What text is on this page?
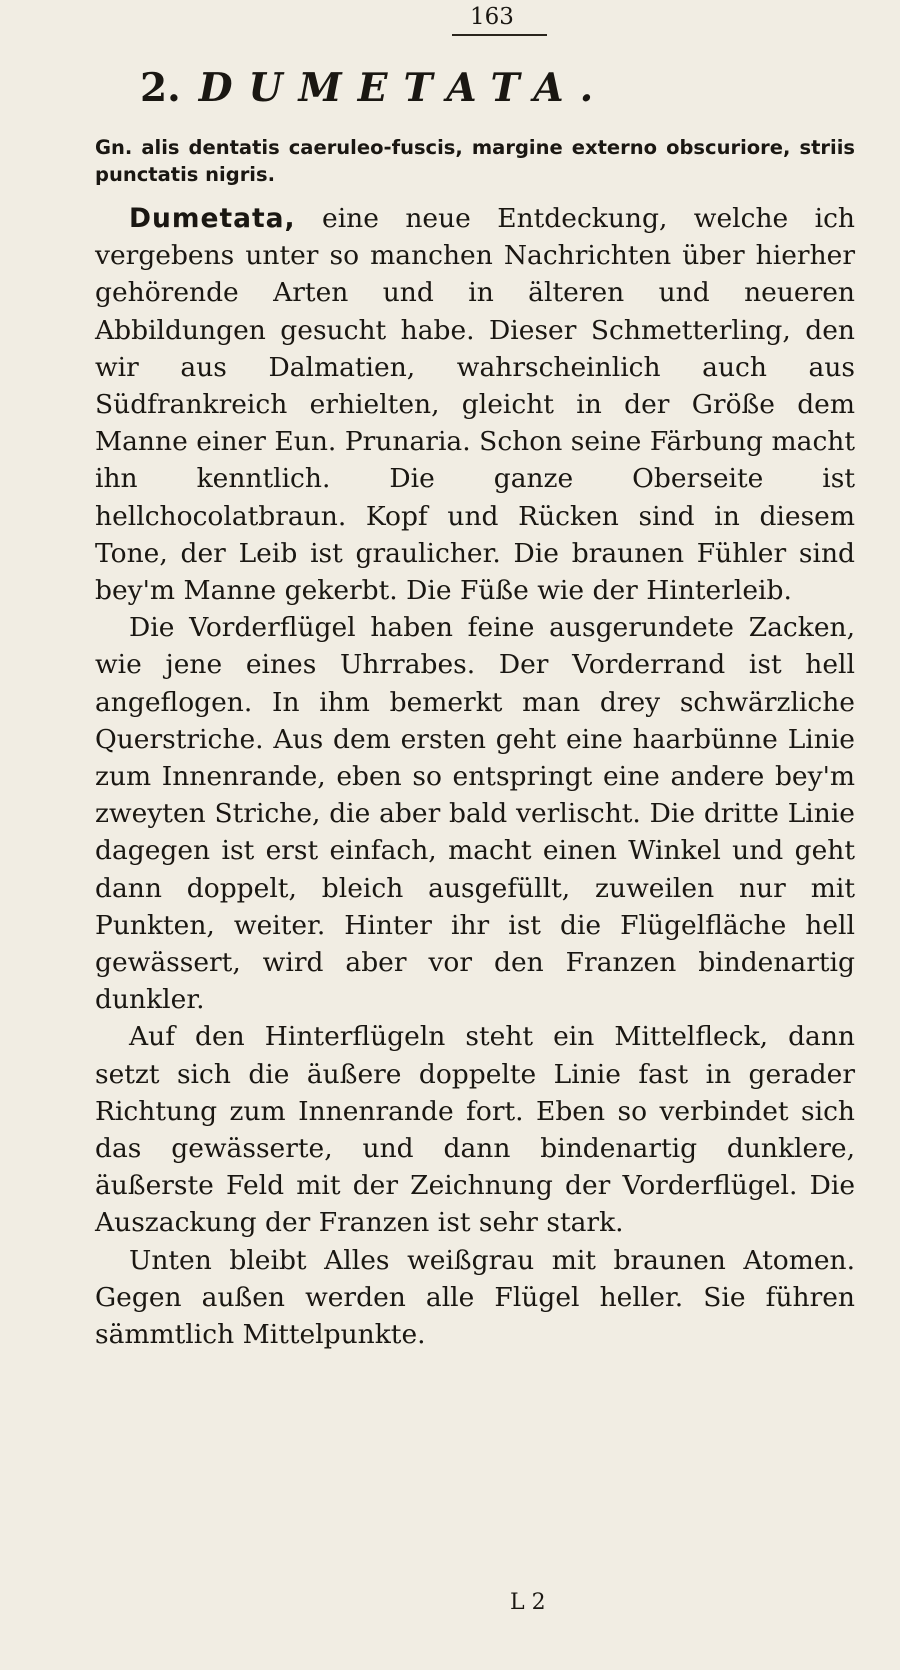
163
2. DUMETATA.
Gn. alis dentatis caeruleo-fuscis, margine externo obscuriore, striis punctatis nigris.

Dumetata, eine neue Entdeckung, welche ich vergebens unter so manchen Nachrichten über hierher gehörende Arten und in älteren und neueren Abbildungen gesucht habe. Dieser Schmetterling, den wir aus Dalmatien, wahrscheinlich auch aus Südfrankreich erhielten, gleicht in der Größe dem Manne einer Eun. Prunaria. Schon seine Färbung macht ihn kenntlich. Die ganze Oberseite ist hellchocolatbraun. Kopf und Rücken sind in diesem Tone, der Leib ist graulicher. Die braunen Fühler sind bey'm Manne gekerbt. Die Füße wie der Hinterleib.

Die Vorderflügel haben feine ausgerundete Zacken, wie jene eines Uhrrabes. Der Vorderrand ist hell angeflogen. In ihm bemerkt man drey schwärzliche Querstriche. Aus dem ersten geht eine haarbünne Linie zum Innenrande, eben so entspringt eine andere bey'm zweyten Striche, die aber bald verlischt. Die dritte Linie dagegen ist erst einfach, macht einen Winkel und geht dann doppelt, bleich ausgefüllt, zuweilen nur mit Punkten, weiter. Hinter ihr ist die Flügelfläche hell gewässert, wird aber vor den Franzen bindenartig dunkler.

Auf den Hinterflügeln steht ein Mittelfleck, dann setzt sich die äußere doppelte Linie fast in gerader Richtung zum Innenrande fort. Eben so verbindet sich das gewässerte, und dann bindenartig dunklere, äußerste Feld mit der Zeichnung der Vorderflügel. Die Auszackung der Franzen ist sehr stark.

Unten bleibt Alles weißgrau mit braunen Atomen. Gegen außen werden alle Flügel heller. Sie führen sämmtlich Mittelpunkte.

L 2
